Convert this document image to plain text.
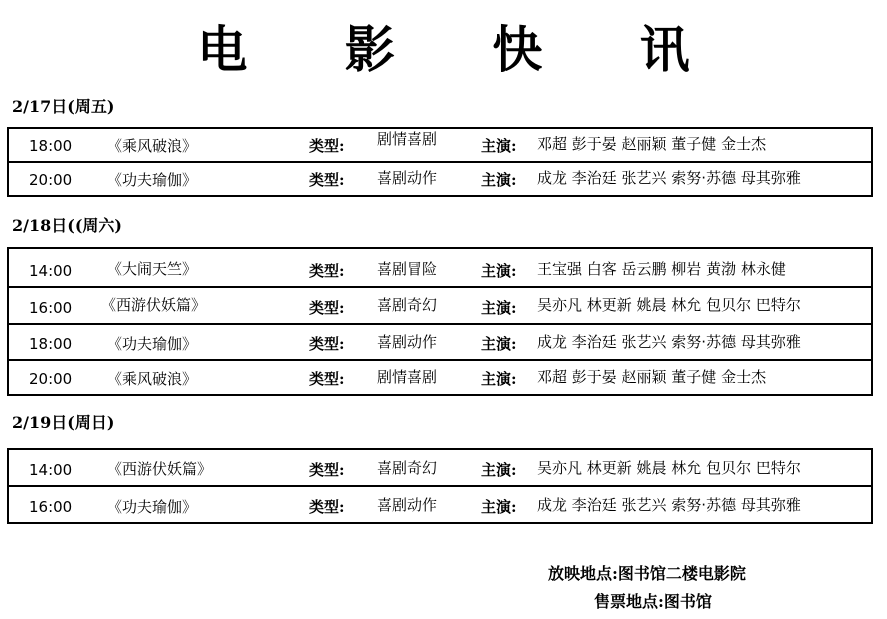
电 影 快 讯
2/17日(周五)
18:00	《乘风破浪》	类型: 剧情喜剧	主演: 邓超 彭于晏 赵丽颖 董子健 金士杰
20:00	《功夫瑜伽》	类型: 喜剧动作	主演: 成龙 李治廷 张艺兴 索努·苏德 母其弥雅
2/18日((周六)
14:00	《大闹天竺》	类型: 喜剧冒险	主演: 王宝强 白客 岳云鹏 柳岩 黄渤 林永健
16:00	《西游伏妖篇》	类型: 喜剧奇幻	主演: 吴亦凡 林更新 姚晨 林允 包贝尔 巴特尔
18:00	《功夫瑜伽》	类型: 喜剧动作	主演: 成龙 李治廷 张艺兴 索努·苏德 母其弥雅
20:00	《乘风破浪》	类型: 剧情喜剧	主演: 邓超 彭于晏 赵丽颖 董子健 金士杰
2/19日(周日)
14:00	《西游伏妖篇》	类型: 喜剧奇幻	主演: 吴亦凡 林更新 姚晨 林允 包贝尔 巴特尔
16:00	《功夫瑜伽》	类型: 喜剧动作	主演: 成龙 李治廷 张艺兴 索努·苏德 母其弥雅
放映地点:图书馆二楼电影院
售票地点:图书馆
